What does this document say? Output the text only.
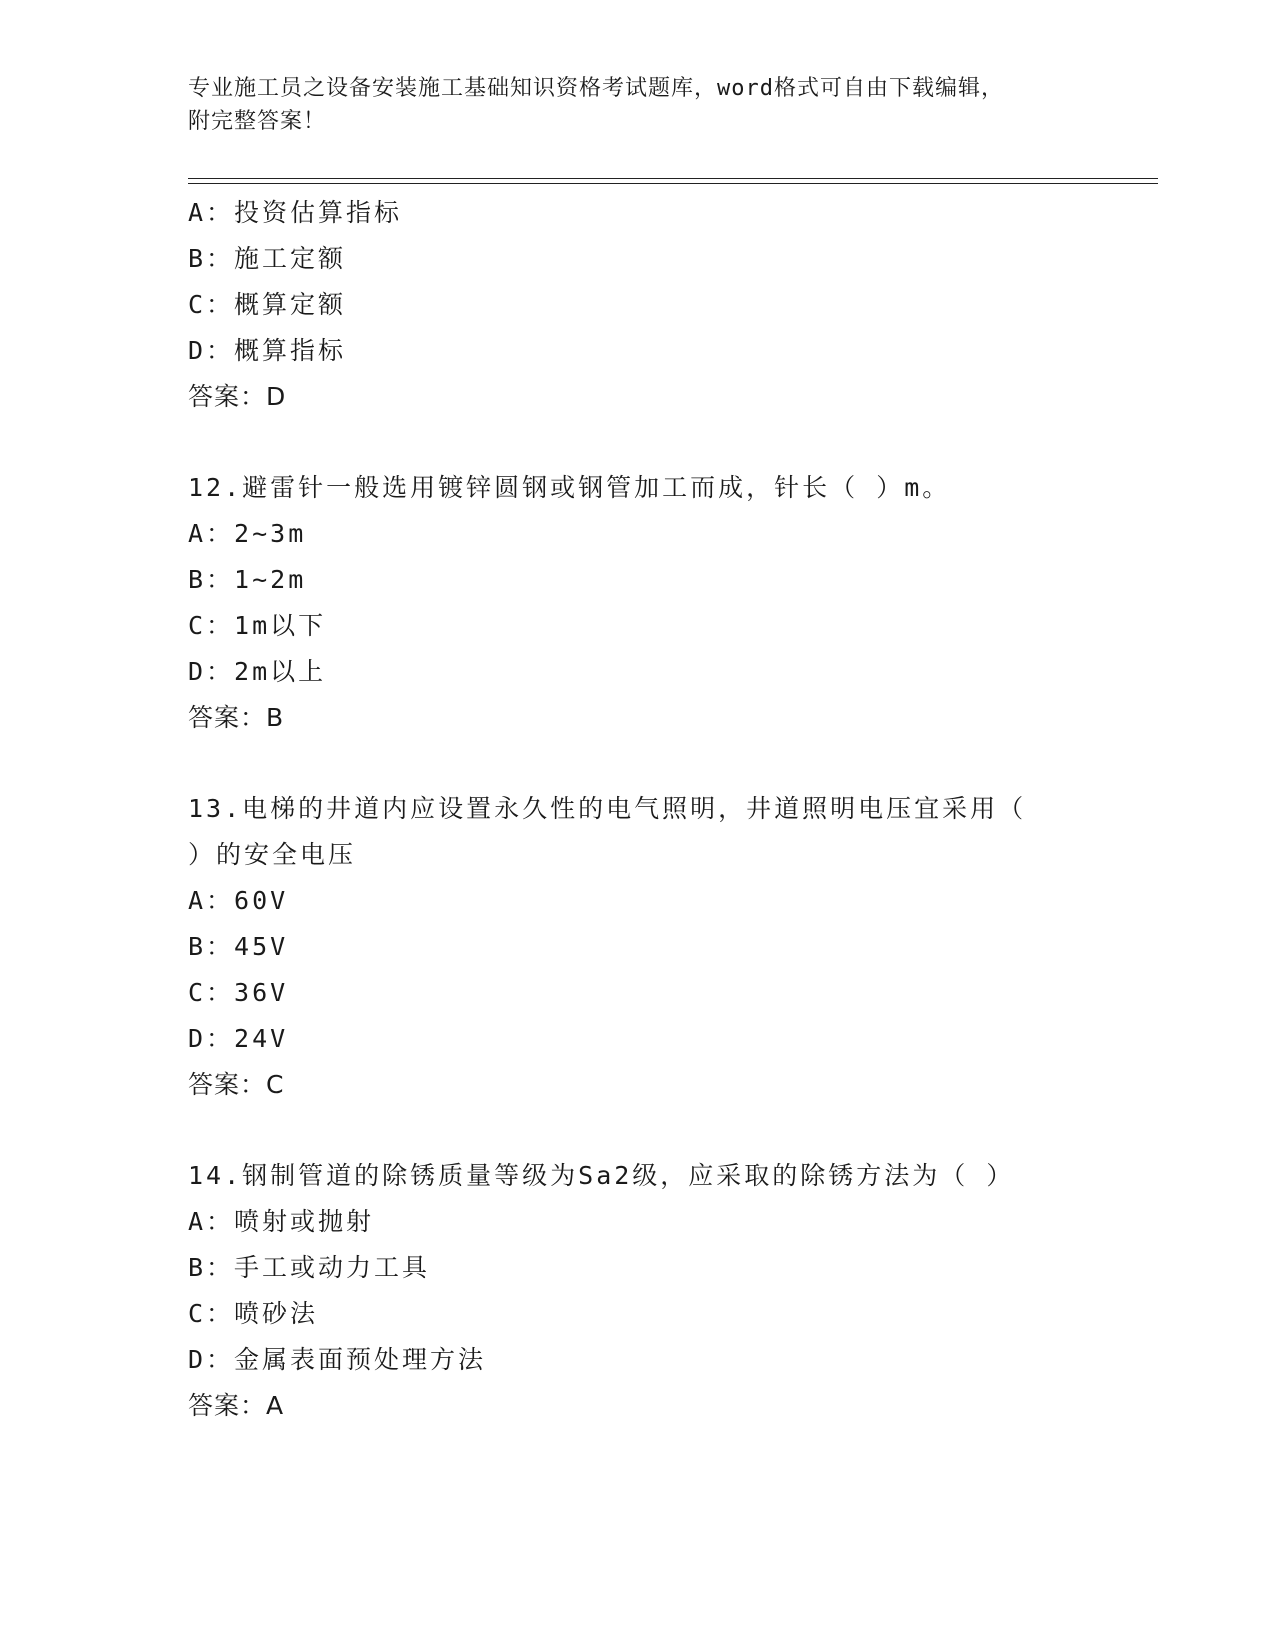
专业施工员之设备安装施工基础知识资格考试题库，word格式可自由下载编辑，
附完整答案！
A：投资估算指标
B：施工定额
C：概算定额
D：概算指标
答案：D
12.避雷针一般选用镀锌圆钢或钢管加工而成，针长（ ）m。
A：2~3m
B：1~2m
C：1m以下
D：2m以上
答案：B
13.电梯的井道内应设置永久性的电气照明，井道照明电压宜采用（
）的安全电压
A：60V
B：45V
C：36V
D：24V
答案：C
14.钢制管道的除锈质量等级为Sa2级，应采取的除锈方法为（ ）
A：喷射或抛射
B：手工或动力工具
C：喷砂法
D：金属表面预处理方法
答案：A
